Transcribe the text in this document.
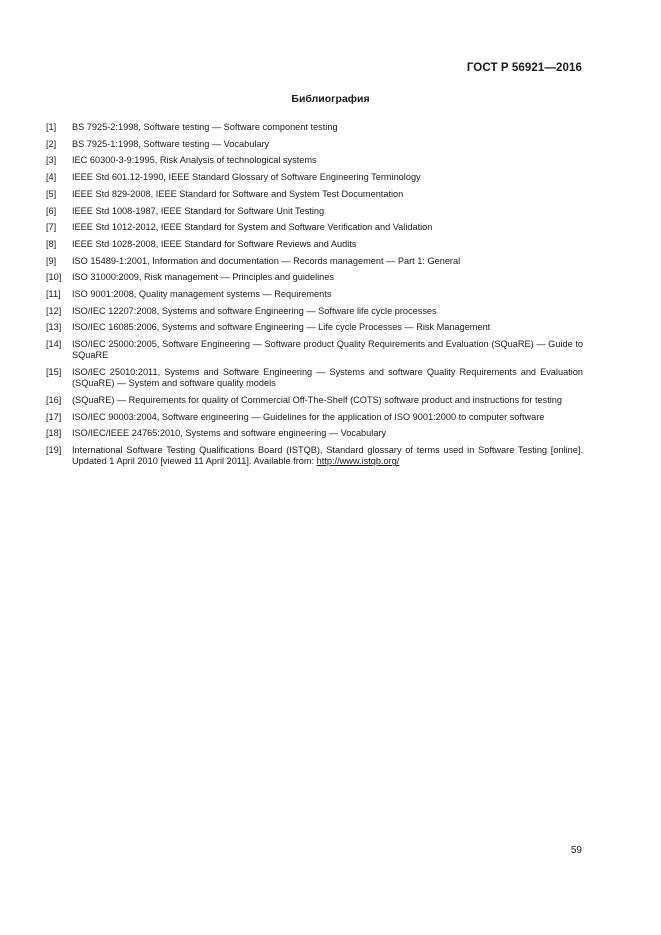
ГОСТ Р 56921—2016
Библиография
[1]	BS 7925-2:1998, Software testing — Software component testing
[2]	BS 7925-1:1998, Software testing — Vocabulary
[3]	IEC 60300-3-9:1995, Risk Analysis of technological systems
[4]	IEEE Std 601.12-1990, IEEE Standard Glossary of Software Engineering Terminology
[5]	IEEE Std 829-2008, IEEE Standard for Software and System Test Documentation
[6]	IEEE Std 1008-1987, IEEE Standard for Software Unit Testing
[7]	IEEE Std 1012-2012, IEEE Standard for System and Software Verification and Validation
[8]	IEEE Std 1028-2008, IEEE Standard for Software Reviews and Audits
[9]	ISO 15489-1:2001, Information and documentation — Records management — Part 1: General
[10]	ISO 31000:2009, Risk management — Principles and guidelines
[11]	ISO 9001:2008, Quality management systems — Requirements
[12]	ISO/IEC 12207:2008, Systems and software Engineering — Software life cycle processes
[13]	ISO/IEC 16085:2006, Systems and software Engineering — Life cycle Processes — Risk Management
[14]	ISO/IEC 25000:2005, Software Engineering — Software product Quality Requirements and Evaluation (SQuaRE) — Guide to SQuaRE
[15]	ISO/IEC 25010:2011, Systems and Software Engineering — Systems and software Quality Requirements and Evaluation (SQuaRE) — System and software quality models
[16]	(SQuaRE) — Requirements for quality of Commercial Off-The-Shelf (COTS) software product and instructions for testing
[17]	ISO/IEC 90003:2004, Software engineering — Guidelines for the application of ISO 9001:2000 to computer software
[18]	ISO/IEC/IEEE 24765:2010, Systems and software engineering — Vocabulary
[19]	International Software Testing Qualifications Board (ISTQB), Standard glossary of terms used in Software Testing [online]. Updated 1 April 2010 [viewed 11 April 2011]. Available from: http://www.istqb.org/
59
